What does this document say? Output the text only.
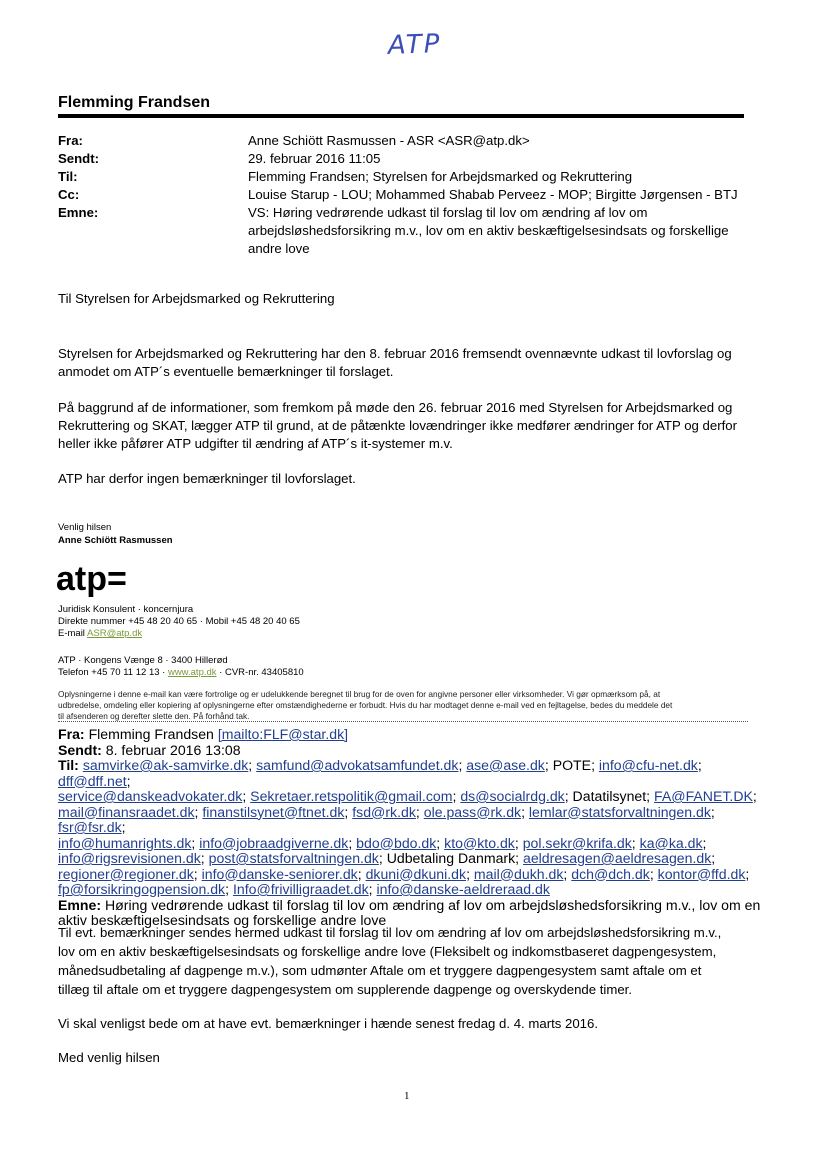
ATP
Flemming Frandsen
Fra:	Anne Schiött Rasmussen - ASR <ASR@atp.dk>
Sendt:	29. februar 2016 11:05
Til:	Flemming Frandsen; Styrelsen for Arbejdsmarked og Rekruttering
Cc:	Louise Starup - LOU; Mohammed Shabab Perveez - MOP; Birgitte Jørgensen - BTJ
Emne:	VS: Høring vedrørende udkast til forslag til lov om ændring af lov om
arbejdsløshedsforsikring m.v., lov om en aktiv beskæftigelsesindsats og forskellige
andre love
Til Styrelsen for Arbejdsmarked og Rekruttering
Styrelsen for Arbejdsmarked og Rekruttering har den 8. februar 2016 fremsendt ovennævnte udkast til lovforslag og
anmodet om ATP´s eventuelle bemærkninger til forslaget.
På baggrund af de informationer, som fremkom på møde den 26. februar 2016 med Styrelsen for Arbejdsmarked og
Rekruttering og SKAT, lægger ATP til grund, at de påtænkte lovændringer ikke medfører ændringer for ATP og derfor
heller ikke påfører ATP udgifter til ændring af ATP´s it-systemer m.v.
ATP har derfor ingen bemærkninger til lovforslaget.
Venlig hilsen
Anne Schiött Rasmussen
atp=
Juridisk Konsulent · koncernjura
Direkte nummer +45 48 20 40 65 · Mobil +45 48 20 40 65
E-mail ASR@atp.dk
ATP · Kongens Vænge 8 · 3400 Hillerød
Telefon +45 70 11 12 13 · www.atp.dk · CVR-nr. 43405810
Oplysningerne i denne e-mail kan være fortrolige og er udelukkende beregnet til brug for de oven for angivne personer eller virksomheder. Vi gør opmærksom på, at
udbredelse, omdeling eller kopiering af oplysningerne efter omstændighederne er forbudt. Hvis du har modtaget denne e-mail ved en fejltagelse, bedes du meddele det
til afsenderen og derefter slette den. På forhånd tak.
Fra: Flemming Frandsen [mailto:FLF@star.dk]
Sendt: 8. februar 2016 13:08
Til: samvirke@ak-samvirke.dk; samfund@advokatsamfundet.dk; ase@ase.dk; POTE; info@cfu-net.dk; dff@dff.net;
service@danskeadvokater.dk; Sekretaer.retspolitik@gmail.com; ds@socialrdg.dk; Datatilsynet; FA@FANET.DK;
mail@finansraadet.dk; finanstilsynet@ftnet.dk; fsd@rk.dk; ole.pass@rk.dk; lemlar@statsforvaltningen.dk; fsr@fsr.dk;
info@humanrights.dk; info@jobraadgiverne.dk; bdo@bdo.dk; kto@kto.dk; pol.sekr@krifa.dk; ka@ka.dk;
info@rigsrevisionen.dk; post@statsforvaltningen.dk; Udbetaling Danmark; aeldresagen@aeldresagen.dk;
regioner@regioner.dk; info@danske-seniorer.dk; dkuni@dkuni.dk; mail@dukh.dk; dch@dch.dk; kontor@ffd.dk;
fp@forsikringogpension.dk; Info@frivilligraadet.dk; info@danske-aeldreraad.dk
Emne: Høring vedrørende udkast til forslag til lov om ændring af lov om arbejdsløshedsforsikring m.v., lov om en
aktiv beskæftigelsesindsats og forskellige andre love
Til evt. bemærkninger sendes hermed udkast til forslag til lov om ændring af lov om arbejdsløshedsforsikring m.v.,
lov om en aktiv beskæftigelsesindsats og forskellige andre love (Fleksibelt og indkomstbaseret dagpengesystem,
månedsudbetaling af dagpenge m.v.), som udmønter Aftale om et tryggere dagpengesystem samt aftale om et
tillæg til aftale om et tryggere dagpengesystem om supplerende dagpenge og overskydende timer.
Vi skal venligst bede om at have evt. bemærkninger i hænde senest fredag d. 4. marts 2016.
Med venlig hilsen
1
